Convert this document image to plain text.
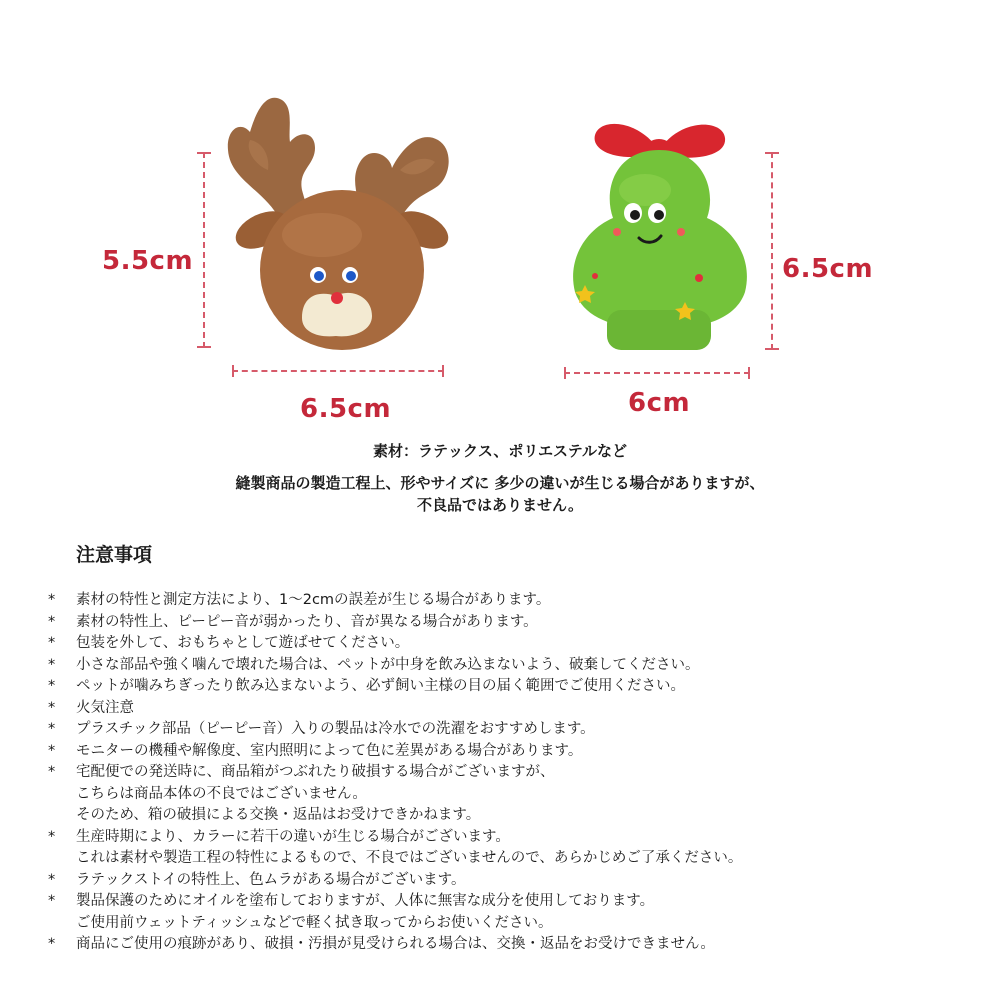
5.5cm
6.5cm
6.5cm
6cm
素材：ラテックス、ポリエステルなど
縫製商品の製造工程上、形やサイズに 多少の違いが生じる場合がありますが、
不良品ではありません。
注意事項
*	素材の特性と測定方法により、1～2cmの誤差が生じる場合があります。
*	素材の特性上、ピーピー音が弱かったり、音が異なる場合があります。
*	包装を外して、おもちゃとして遊ばせてください。
*	小さな部品や強く噛んで壊れた場合は、ペットが中身を飲み込まないよう、破棄してください。
*	ペットが噛みちぎったり飲み込まないよう、必ず飼い主様の目の届く範囲でご使用ください。
*	火気注意
*	プラスチック部品（ピーピー音）入りの製品は冷水での洗濯をおすすめします。
*	モニターの機種や解像度、室内照明によって色に差異がある場合があります。
*	宅配便での発送時に、商品箱がつぶれたり破損する場合がございますが、
こちらは商品本体の不良ではございません。
そのため、箱の破損による交換・返品はお受けできかねます。
*	生産時期により、カラーに若干の違いが生じる場合がございます。
これは素材や製造工程の特性によるもので、不良ではございませんので、あらかじめご了承ください。
*	ラテックストイの特性上、色ムラがある場合がございます。
*	製品保護のためにオイルを塗布しておりますが、人体に無害な成分を使用しております。
ご使用前ウェットティッシュなどで軽く拭き取ってからお使いください。
*	商品にご使用の痕跡があり、破損・汚損が見受けられる場合は、交換・返品をお受けできません。
